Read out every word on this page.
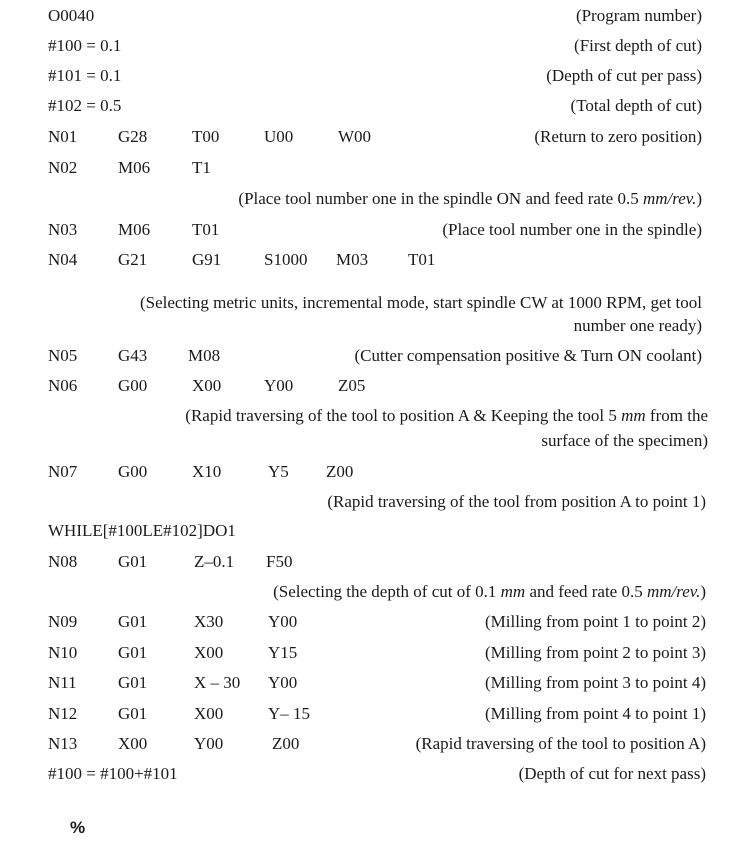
O0040	(Program number)
#100 = 0.1	(First depth of cut)
#101 = 0.1	(Depth of cut per pass)
#102 = 0.5	(Total depth of cut)
N01 G28	T00	U00	W00	(Return to zero position)
N02 M06 T1
(Place tool number one in the spindle ON and feed rate 0.5 mm/rev.)
N03 M06 T01	(Place tool number one in the spindle)
N04 G21	G91	S1000 M03 T01
(Selecting metric units, incremental mode, start spindle CW at 1000 RPM, get tool
number one ready)
N05 G43 M08	(Cutter compensation positive & Turn ON coolant)
N06 G00	X00	Y00	Z05
(Rapid traversing of the tool to position A & Keeping the tool 5 mm from the
surface of the specimen)
N07 G00	X10	Y5 Z00
(Rapid traversing of the tool from position A to point 1)
WHILE[#100LE#102]DO1
N08 G01	Z–0.1 F50
(Selecting the depth of cut of 0.1 mm and feed rate 0.5 mm/rev.)
N09 G01	X30	Y00	(Milling from point 1 to point 2)
N10 G01	X00	Y15	(Milling from point 2 to point 3)
N11 G01	X – 30 Y00	(Milling from point 3 to point 4)
N12 G01	X00	Y– 15	(Milling from point 4 to point 1)
N13 X00	Y00	Z00	(Rapid traversing of the tool to position A)
#100 = #100+#101	(Depth of cut for next pass)
%
